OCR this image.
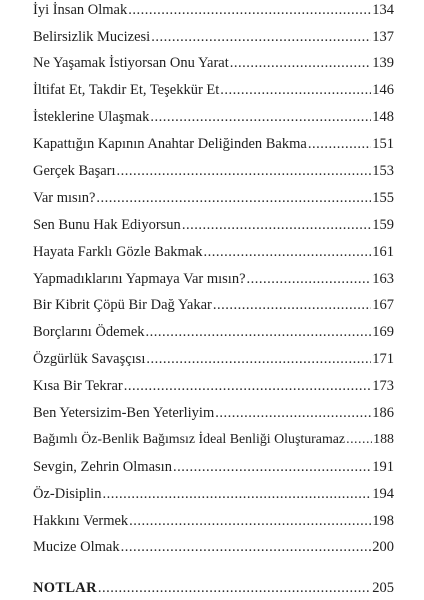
İyi İnsan Olmak .....	134
Belirsizlik Mucizesi .....	137
Ne Yaşamak İstiyorsan Onu Yarat .....	139
İltifat Et, Takdir Et, Teşekkür Et .....	146
İsteklerine Ulaşmak .....	148
Kapattığın Kapının Anahtar Deliğinden Bakma .....	151
Gerçek Başarı .....	153
Var mısın? .....	155
Sen Bunu Hak Ediyorsun .....	159
Hayata Farklı Gözle Bakmak .....	161
Yapmadıklarını Yapmaya Var mısın? .....	163
Bir Kibrit Çöpü Bir Dağ Yakar .....	167
Borçlarını Ödemek .....	169
Özgürlük Savaşçısı .....	171
Kısa Bir Tekrar .....	173
Ben Yetersizim-Ben Yeterliyim .....	186
Bağımlı Öz-Benlik Bağımsız İdeal Benliği Oluşturamaz ..... 188
Sevgin, Zehrin Olmasın .....	191
Öz-Disiplin .....	194
Hakkını Vermek .....	198
Mucize Olmak .....	200
NOTLAR .....	205
